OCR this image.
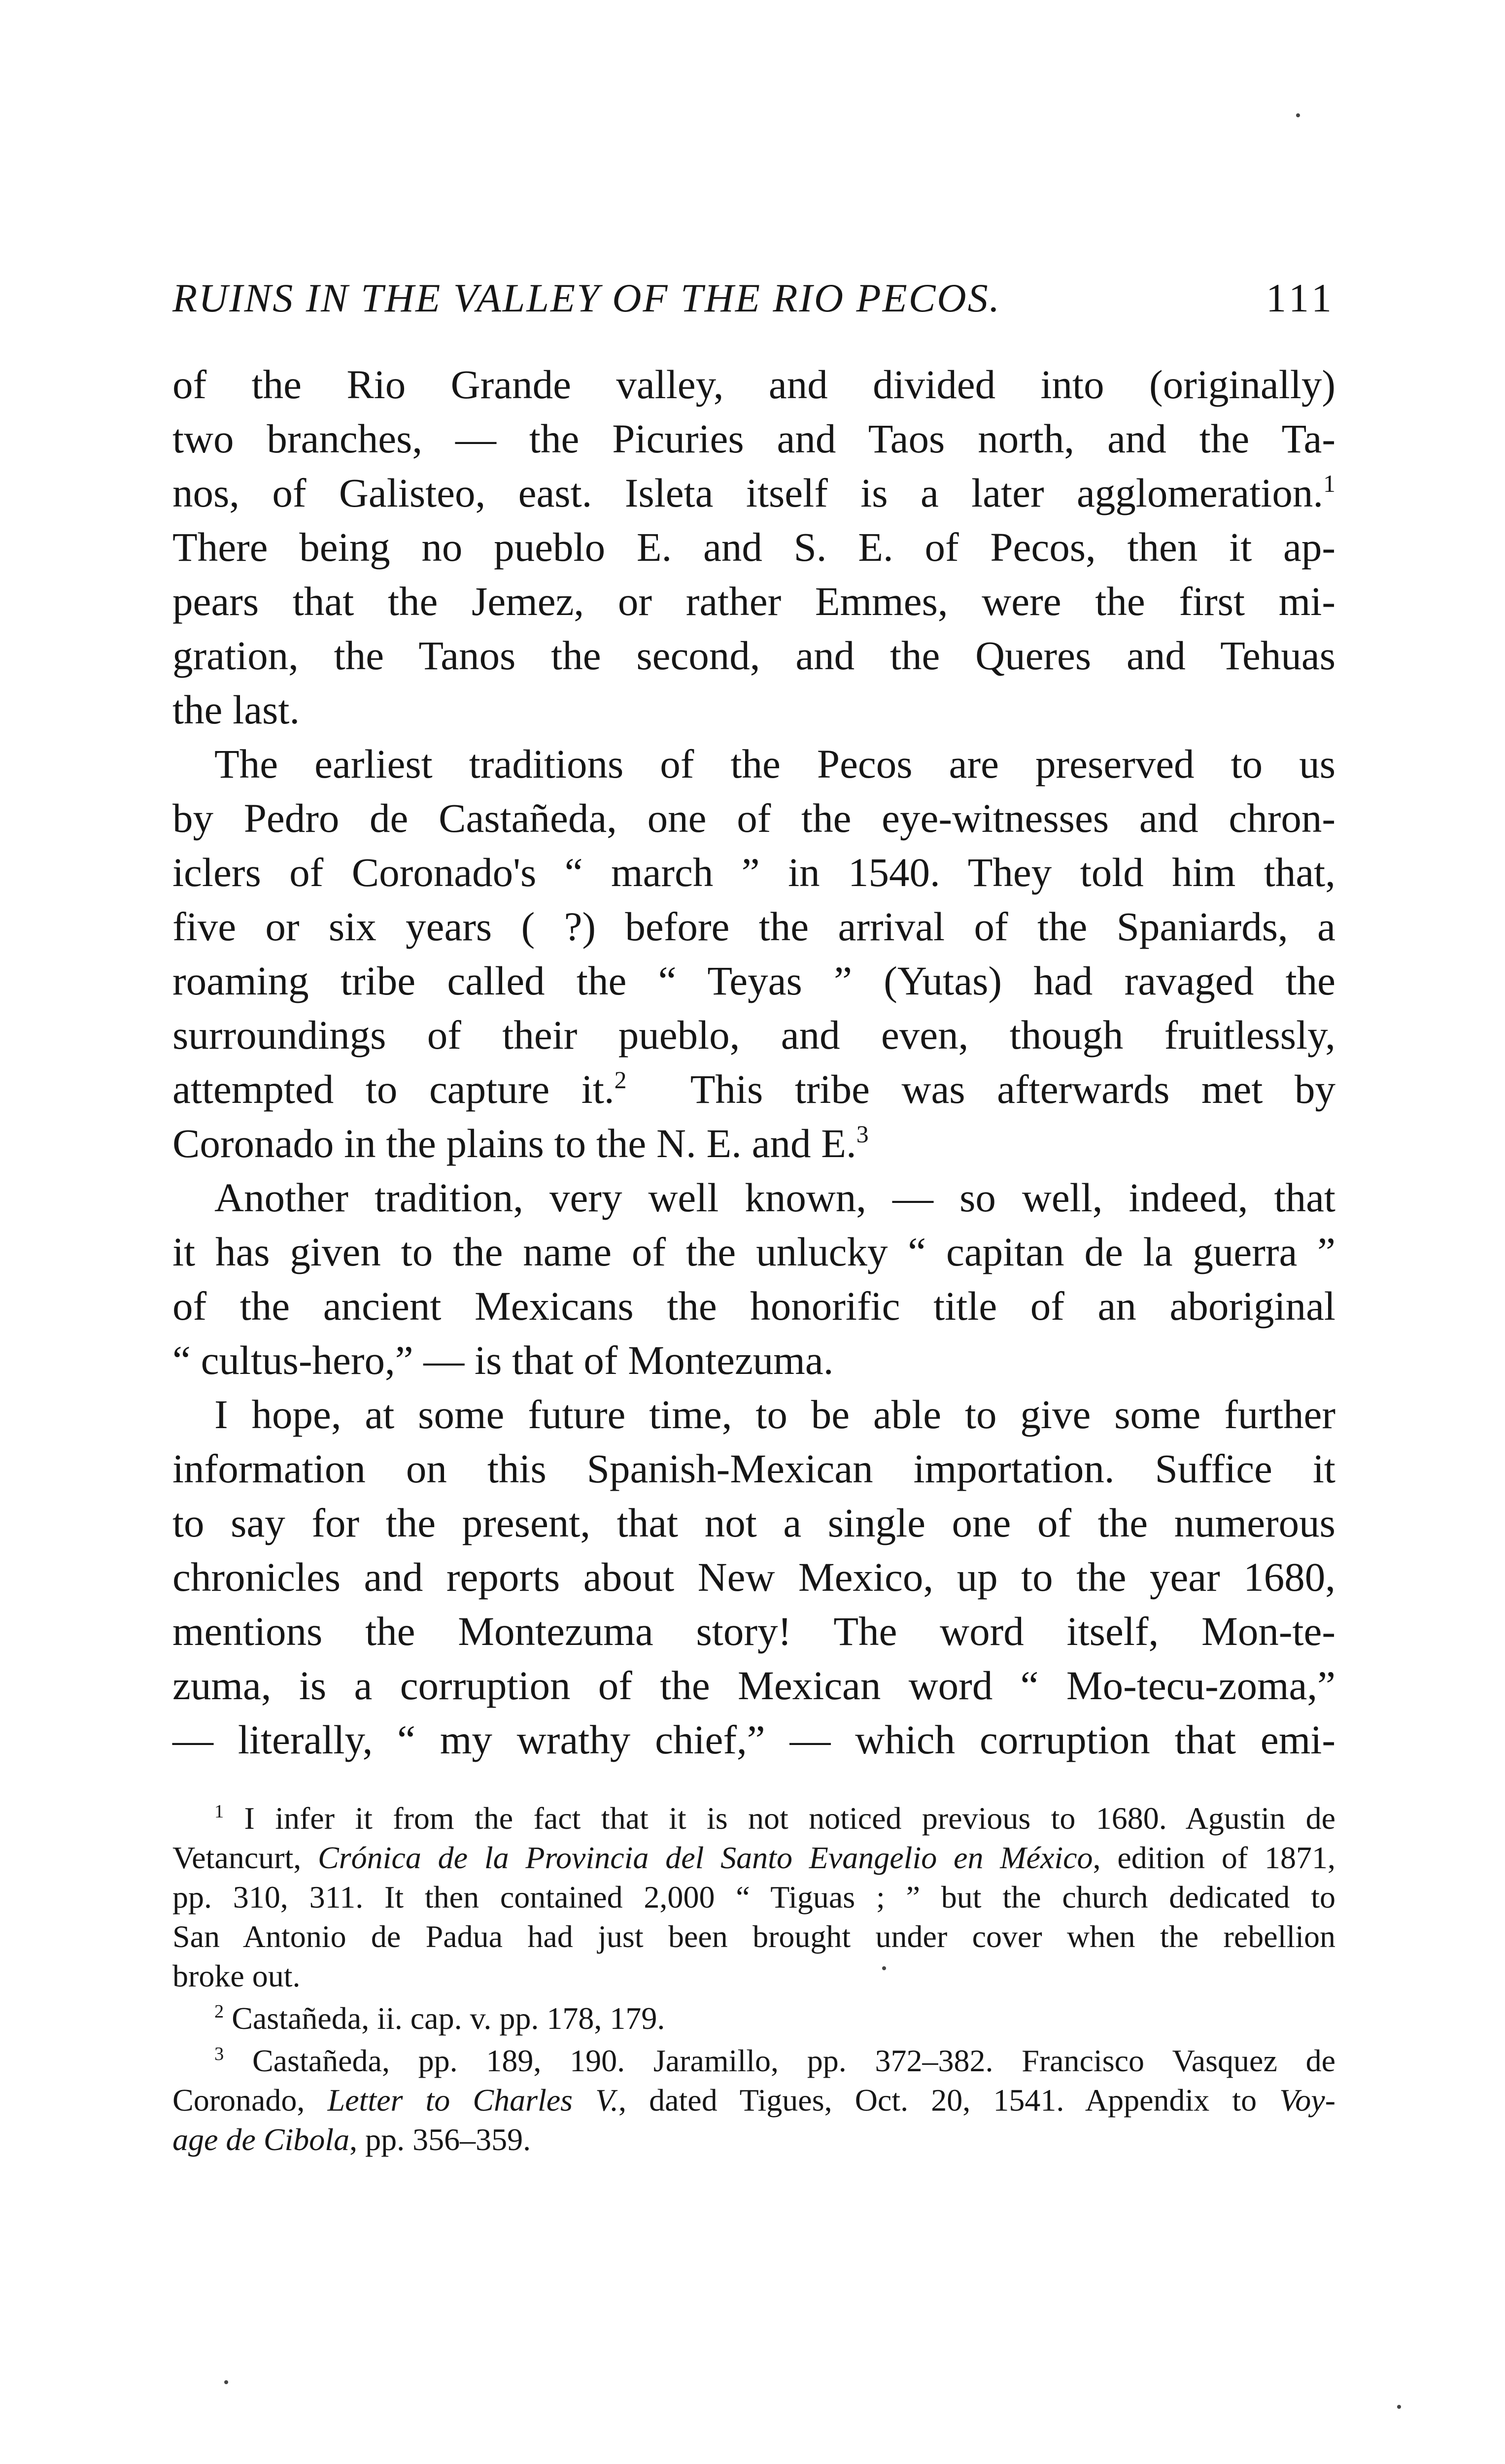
RUINS IN THE VALLEY OF THE RIO PECOS.	111

of the Rio Grande valley, and divided into (originally)
two branches, — the Picuries and Taos north, and the Ta-
nos, of Galisteo, east. Isleta itself is a later agglomeration.$^1$
There being no pueblo E. and S. E. of Pecos, then it ap-
pears that the Jemez, or rather Emmes, were the first mi-
gration, the Tanos the second, and the Queres and Tehuas
the last.

The earliest traditions of the Pecos are preserved to us
by Pedro de Castañeda, one of the eye-witnesses and chron-
iclers of Coronado's “ march ” in 1540. They told him that,
five or six years ( ?) before the arrival of the Spaniards, a
roaming tribe called the “ Teyas ” (Yutas) had ravaged the
surroundings of their pueblo, and even, though fruitlessly,
attempted to capture it.$^2$ This tribe was afterwards met by
Coronado in the plains to the N. E. and E.$^3$

Another tradition, very well known, — so well, indeed, that
it has given to the name of the unlucky “ capitan de la guerra ”
of the ancient Mexicans the honorific title of an aboriginal
“ cultus-hero,” — is that of Montezuma.

I hope, at some future time, to be able to give some further
information on this Spanish-Mexican importation. Suffice it
to say for the present, that not a single one of the numerous
chronicles and reports about New Mexico, up to the year 1680,
mentions the Montezuma story! The word itself, Mon-te-
zuma, is a corruption of the Mexican word “ Mo-tecu-zoma,”
— literally, “ my wrathy chief,” — which corruption that emi-

$^1$ I infer it from the fact that it is not noticed previous to 1680. Agustin de
Vetancurt, Crónica de la Provincia del Santo Evangelio en México, edition of 1871,
pp. 310, 311. It then contained 2,000 “ Tiguas ; ” but the church dedicated to
San Antonio de Padua had just been brought under cover when the rebellion
broke out.
$^2$ Castañeda, ii. cap. v. pp. 178, 179.
$^3$ Castañeda, pp. 189, 190. Jaramillo, pp. 372–382. Francisco Vasquez de
Coronado, Letter to Charles V., dated Tigues, Oct. 20, 1541. Appendix to Voy-
age de Cibola, pp. 356–359.
